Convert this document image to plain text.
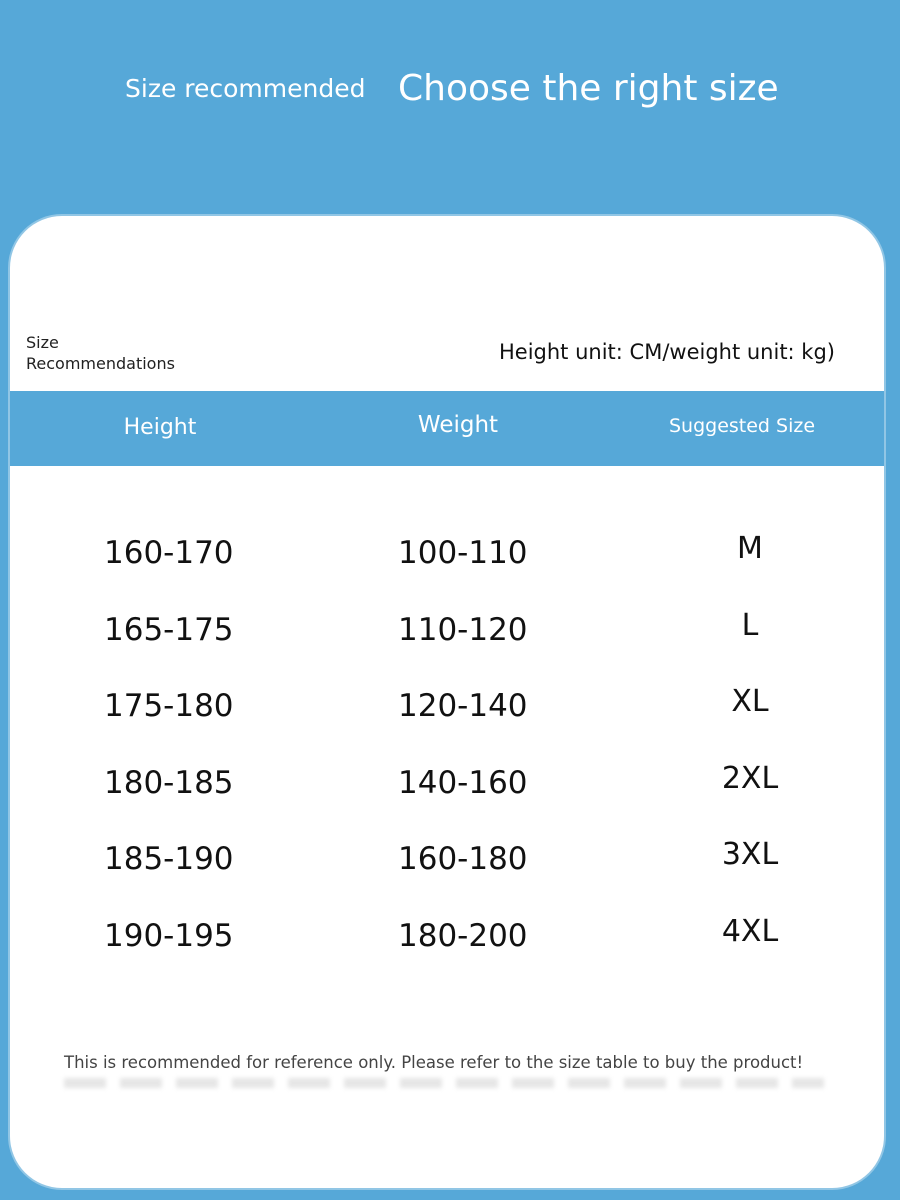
Size recommended Choose the right size
Size
Recommendations	Height unit: CM/weight unit: kg)
Height	Weight	Suggested Size
160-170	100-110	M
165-175	110-120	L
175-180	120-140	XL
180-185	140-160	2XL
185-190	160-180	3XL
190-195	180-200	4XL
This is recommended for reference only. Please refer to the size table to buy the product!
